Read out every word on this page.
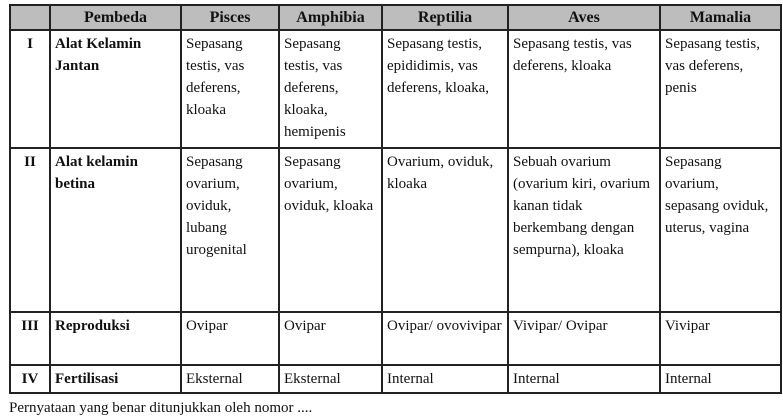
	Pembeda	Pisces	Amphibia	Reptilia	Aves	Mamalia
I	Alat Kelamin Jantan	Sepasang testis, vas deferens, kloaka	Sepasang testis, vas deferens, kloaka, hemipenis	Sepasang testis, epididimis, vas deferens, kloaka,	Sepasang testis, vas deferens, kloaka	Sepasang testis, vas deferens, penis
II	Alat kelamin betina	Sepasang ovarium, oviduk, lubang urogenital	Sepasang ovarium, oviduk, kloaka	Ovarium, oviduk, kloaka	Sebuah ovarium (ovarium kiri, ovarium kanan tidak berkembang dengan sempurna), kloaka	Sepasang ovarium, sepasang oviduk, uterus, vagina
III	Reproduksi	Ovipar	Ovipar	Ovipar/ ovovivipar	Vivipar/ Ovipar	Vivipar
IV	Fertilisasi	Eksternal	Eksternal	Internal	Internal	Internal
Pernyataan yang benar ditunjukkan oleh nomor ....
